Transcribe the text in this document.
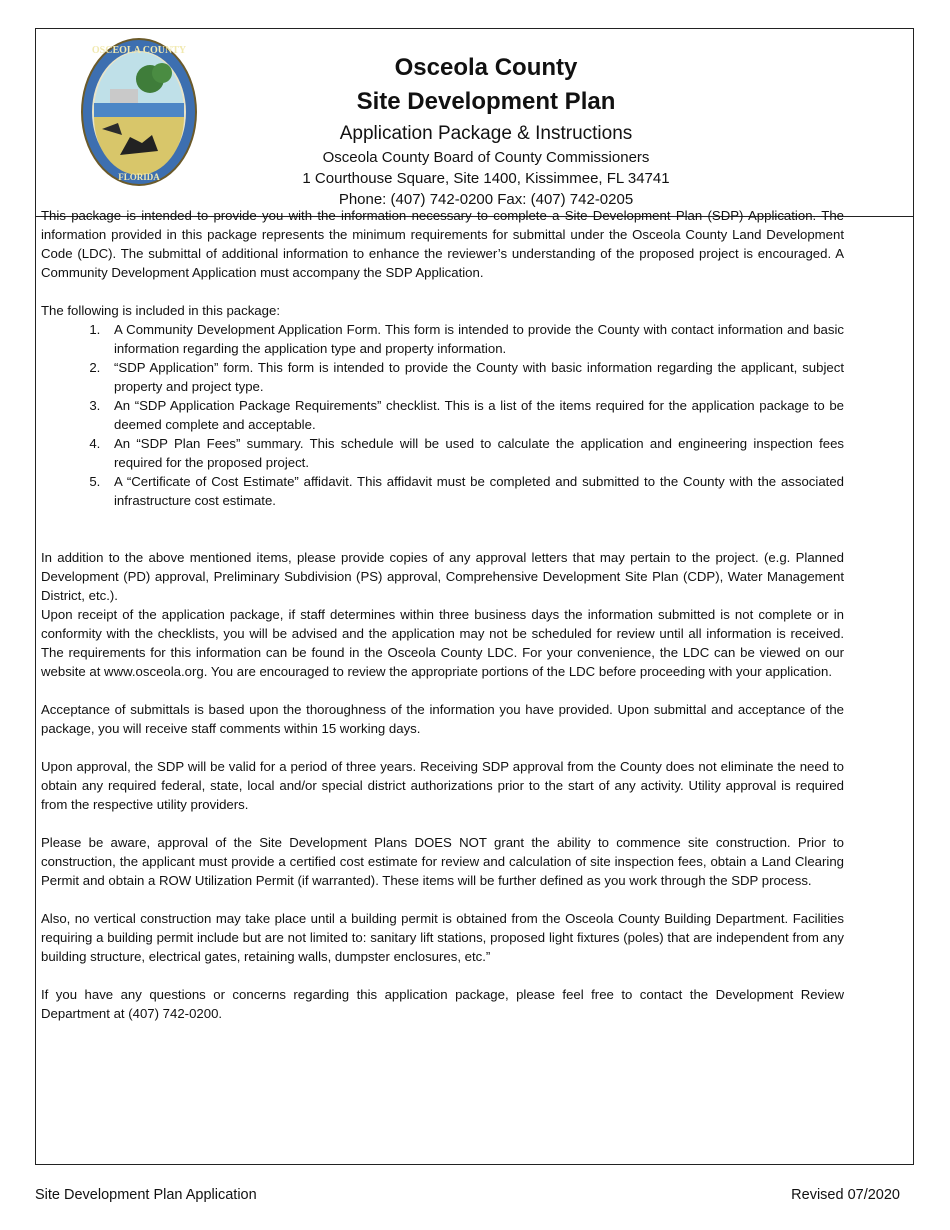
OSCEOLA COUNTY
FLORIDA
Osceola County
Site Development Plan
Application Package & Instructions
Osceola County Board of County Commissioners
1 Courthouse Square, Site 1400, Kissimmee, FL 34741
Phone: (407) 742-0200 Fax: (407) 742-0205

This package is intended to provide you with the information necessary to complete a Site Development Plan (SDP) Application. The information provided in this package represents the minimum requirements for submittal under the Osceola County Land Development Code (LDC). The submittal of additional information to enhance the reviewer’s understanding of the proposed project is encouraged. A Community Development Application must accompany the SDP Application.

The following is included in this package:

1. A Community Development Application Form. This form is intended to provide the County with contact information and basic information regarding the application type and property information.
2. “SDP Application” form. This form is intended to provide the County with basic information regarding the applicant, subject property and project type.
3. An “SDP Application Package Requirements” checklist. This is a list of the items required for the application package to be deemed complete and acceptable.
4. An “SDP Plan Fees” summary. This schedule will be used to calculate the application and engineering inspection fees required for the proposed project.
5. A “Certificate of Cost Estimate” affidavit. This affidavit must be completed and submitted to the County with the associated infrastructure cost estimate.

In addition to the above mentioned items, please provide copies of any approval letters that may pertain to the project. (e.g. Planned Development (PD) approval, Preliminary Subdivision (PS) approval, Comprehensive Development Site Plan (CDP), Water Management District, etc.).

Upon receipt of the application package, if staff determines within three business days the information submitted is not complete or in conformity with the checklists, you will be advised and the application may not be scheduled for review until all information is received. The requirements for this information can be found in the Osceola County LDC. For your convenience, the LDC can be viewed on our website at www.osceola.org. You are encouraged to review the appropriate portions of the LDC before proceeding with your application.

Acceptance of submittals is based upon the thoroughness of the information you have provided. Upon submittal and acceptance of the package, you will receive staff comments within 15 working days.

Upon approval, the SDP will be valid for a period of three years. Receiving SDP approval from the County does not eliminate the need to obtain any required federal, state, local and/or special district authorizations prior to the start of any activity. Utility approval is required from the respective utility providers.

Please be aware, approval of the Site Development Plans DOES NOT grant the ability to commence site construction. Prior to construction, the applicant must provide a certified cost estimate for review and calculation of site inspection fees, obtain a Land Clearing Permit and obtain a ROW Utilization Permit (if warranted). These items will be further defined as you work through the SDP process.

Also, no vertical construction may take place until a building permit is obtained from the Osceola County Building Department. Facilities requiring a building permit include but are not limited to: sanitary lift stations, proposed light fixtures (poles) that are independent from any building structure, electrical gates, retaining walls, dumpster enclosures, etc.”

If you have any questions or concerns regarding this application package, please feel free to contact the Development Review Department at (407) 742-0200.

Site Development Plan Application	Revised 07/2020
